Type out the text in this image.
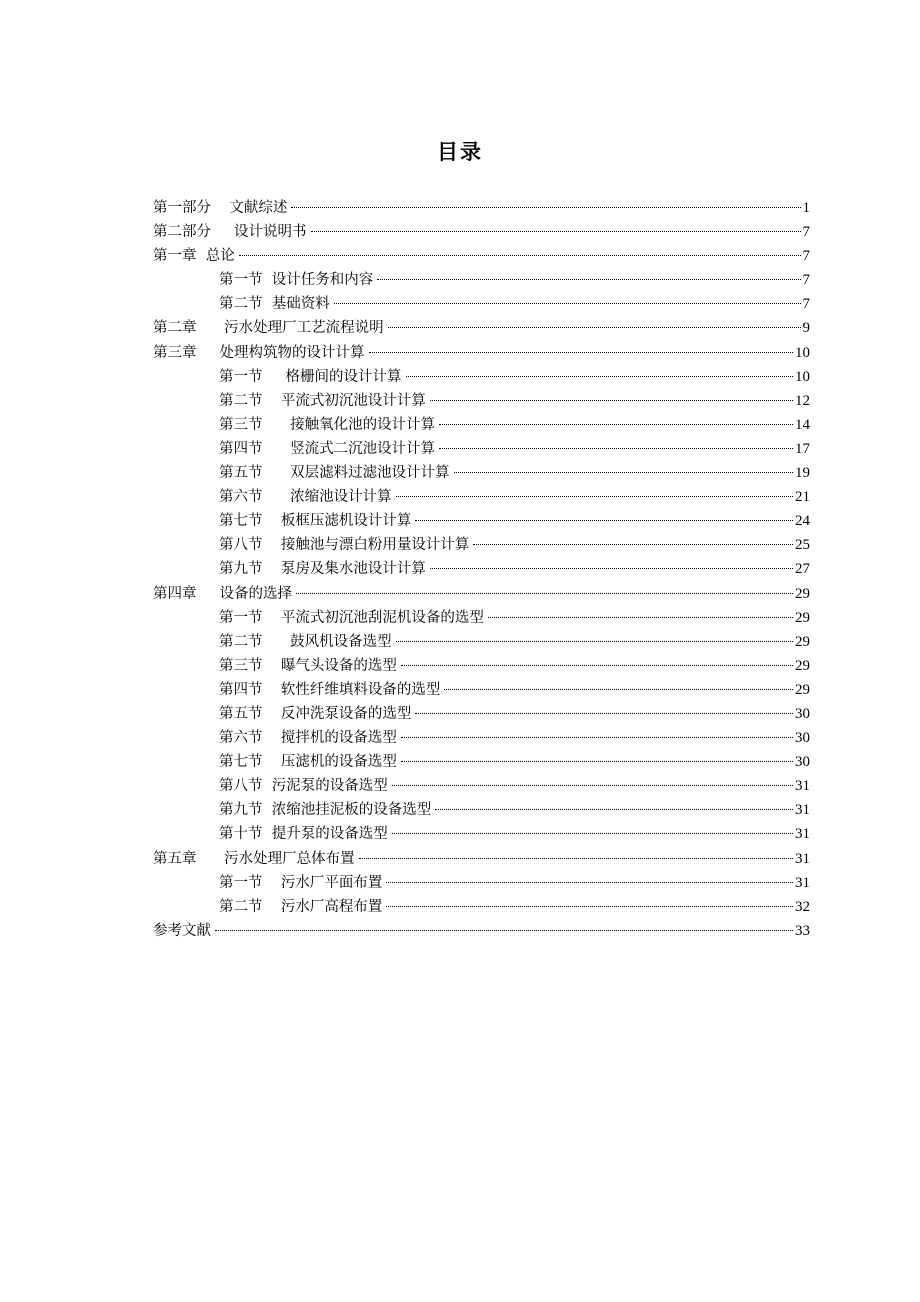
目录
第一部分    文献综述	1
第二部分     设计说明书	7
第一章  总论	7
第一节  设计任务和内容	7
第二节  基础资料	7
第二章      污水处理厂工艺流程说明	9
第三章     处理构筑物的设计计算	10
第一节     格栅间的设计计算	10
第二节    平流式初沉池设计计算	12
第三节      接触氧化池的设计计算	14
第四节      竖流式二沉池设计计算	17
第五节      双层滤料过滤池设计计算	19
第六节      浓缩池设计计算	21
第七节    板框压滤机设计计算	24
第八节    接触池与漂白粉用量设计计算	25
第九节    泵房及集水池设计计算	27
第四章     设备的选择	29
第一节    平流式初沉池刮泥机设备的选型	29
第二节      鼓风机设备选型	29
第三节    曝气头设备的选型	29
第四节    软性纤维填料设备的选型	29
第五节    反冲洗泵设备的选型	30
第六节    搅拌机的设备选型	30
第七节    压滤机的设备选型	30
第八节  污泥泵的设备选型	31
第九节  浓缩池挂泥板的设备选型	31
第十节  提升泵的设备选型	31
第五章      污水处理厂总体布置	31
第一节    污水厂平面布置	31
第二节    污水厂高程布置	32
参考文献	33
